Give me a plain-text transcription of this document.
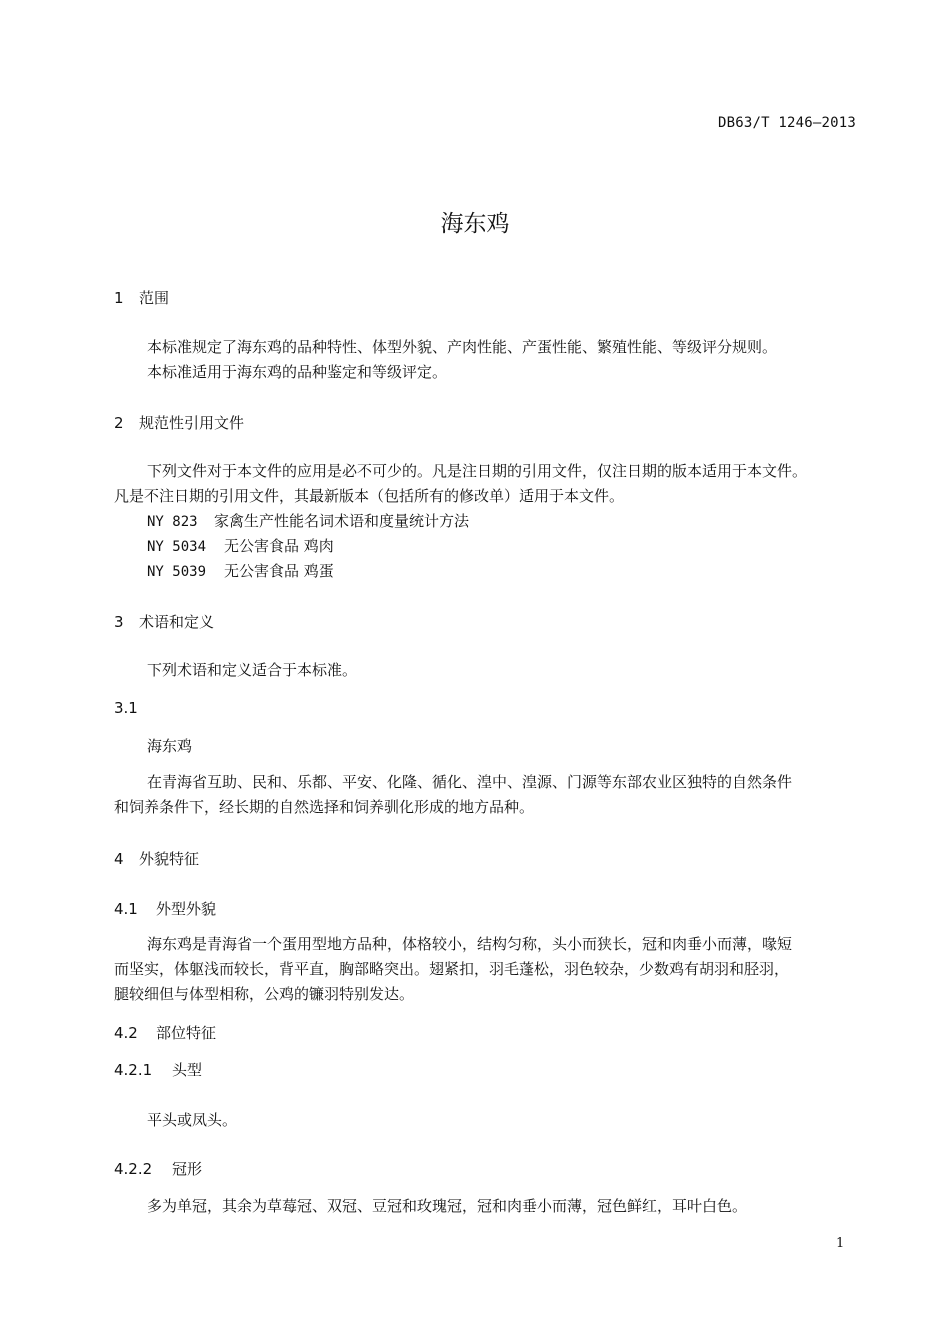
DB63/T 1246—2013
海东鸡
1 范围
本标准规定了海东鸡的品种特性、体型外貌、产肉性能、产蛋性能、繁殖性能、等级评分规则。
本标准适用于海东鸡的品种鉴定和等级评定。
2 规范性引用文件
下列文件对于本文件的应用是必不可少的。凡是注日期的引用文件，仅注日期的版本适用于本文件。
凡是不注日期的引用文件，其最新版本（包括所有的修改单）适用于本文件。
NY 823 家禽生产性能名词术语和度量统计方法
NY 5034 无公害食品 鸡肉
NY 5039 无公害食品 鸡蛋
3 术语和定义
下列术语和定义适合于本标准。
3.1
海东鸡
在青海省互助、民和、乐都、平安、化隆、循化、湟中、湟源、门源等东部农业区独特的自然条件
和饲养条件下，经长期的自然选择和饲养驯化形成的地方品种。
4 外貌特征
4.1 外型外貌
海东鸡是青海省一个蛋用型地方品种，体格较小，结构匀称，头小而狭长，冠和肉垂小而薄，喙短
而坚实，体躯浅而较长，背平直，胸部略突出。翅紧扣，羽毛蓬松，羽色较杂，少数鸡有胡羽和胫羽，
腿较细但与体型相称，公鸡的镰羽特别发达。
4.2 部位特征
4.2.1 头型
平头或凤头。
4.2.2 冠形
多为单冠，其余为草莓冠、双冠、豆冠和玫瑰冠，冠和肉垂小而薄，冠色鲜红，耳叶白色。
1
